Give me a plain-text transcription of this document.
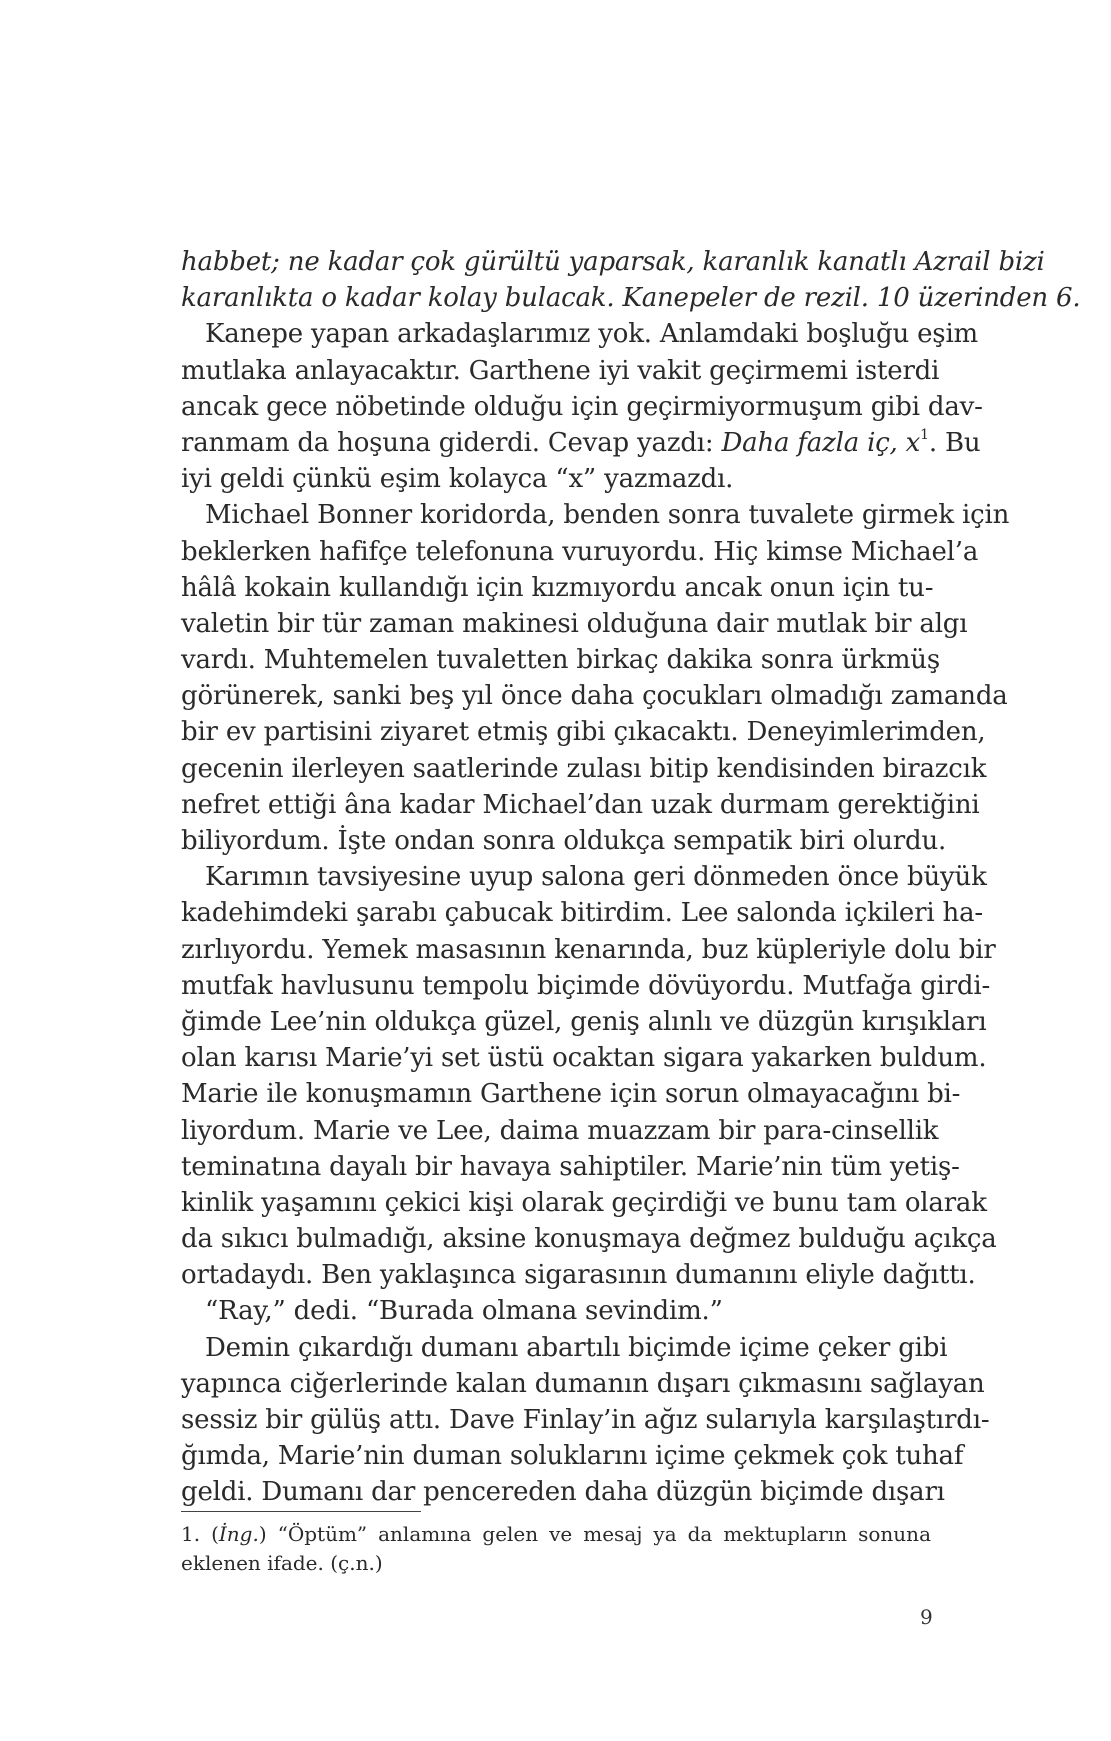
habbet; ne kadar çok gürültü yaparsak, karanlık kanatlı Azrail bizi
karanlıkta o kadar kolay bulacak. Kanepeler de rezil. 10 üzerinden 6.
Kanepe yapan arkadaşlarımız yok. Anlamdaki boşluğu eşim
mutlaka anlayacaktır. Garthene iyi vakit geçirmemi isterdi
ancak gece nöbetinde olduğu için geçirmiyormuşum gibi dav-
ranmam da hoşuna giderdi. Cevap yazdı: Daha fazla iç, $x^1$. Bu
iyi geldi çünkü eşim kolayca “x” yazmazdı.
Michael Bonner koridorda, benden sonra tuvalete girmek için
beklerken hafifçe telefonuna vuruyordu. Hiç kimse Michael’a
hâlâ kokain kullandığı için kızmıyordu ancak onun için tu-
valetin bir tür zaman makinesi olduğuna dair mutlak bir algı
vardı. Muhtemelen tuvaletten birkaç dakika sonra ürkmüş
görünerek, sanki beş yıl önce daha çocukları olmadığı zamanda
bir ev partisini ziyaret etmiş gibi çıkacaktı. Deneyimlerimden,
gecenin ilerleyen saatlerinde zulası bitip kendisinden birazcık
nefret ettiği âna kadar Michael’dan uzak durmam gerektiğini
biliyordum. İşte ondan sonra oldukça sempatik biri olurdu.
Karımın tavsiyesine uyup salona geri dönmeden önce büyük
kadehimdeki şarabı çabucak bitirdim. Lee salonda içkileri ha-
zırlıyordu. Yemek masasının kenarında, buz küpleriyle dolu bir
mutfak havlusunu tempolu biçimde dövüyordu. Mutfağa girdi-
ğimde Lee’nin oldukça güzel, geniş alınlı ve düzgün kırışıkları
olan karısı Marie’yi set üstü ocaktan sigara yakarken buldum.
Marie ile konuşmamın Garthene için sorun olmayacağını bi-
liyordum. Marie ve Lee, daima muazzam bir para-cinsellik
teminatına dayalı bir havaya sahiptiler. Marie’nin tüm yetiş-
kinlik yaşamını çekici kişi olarak geçirdiği ve bunu tam olarak
da sıkıcı bulmadığı, aksine konuşmaya değmez bulduğu açıkça
ortadaydı. Ben yaklaşınca sigarasının dumanını eliyle dağıttı.
“Ray,” dedi. “Burada olmana sevindim.”
Demin çıkardığı dumanı abartılı biçimde içime çeker gibi
yapınca ciğerlerinde kalan dumanın dışarı çıkmasını sağlayan
sessiz bir gülüş attı. Dave Finlay’in ağız sularıyla karşılaştırdı-
ğımda, Marie’nin duman soluklarını içime çekmek çok tuhaf
geldi. Dumanı dar pencereden daha düzgün biçimde dışarı
1. (İng.) “Öptüm” anlamına gelen ve mesaj ya da mektupların sonuna
eklenen ifade. (ç.n.)
9
